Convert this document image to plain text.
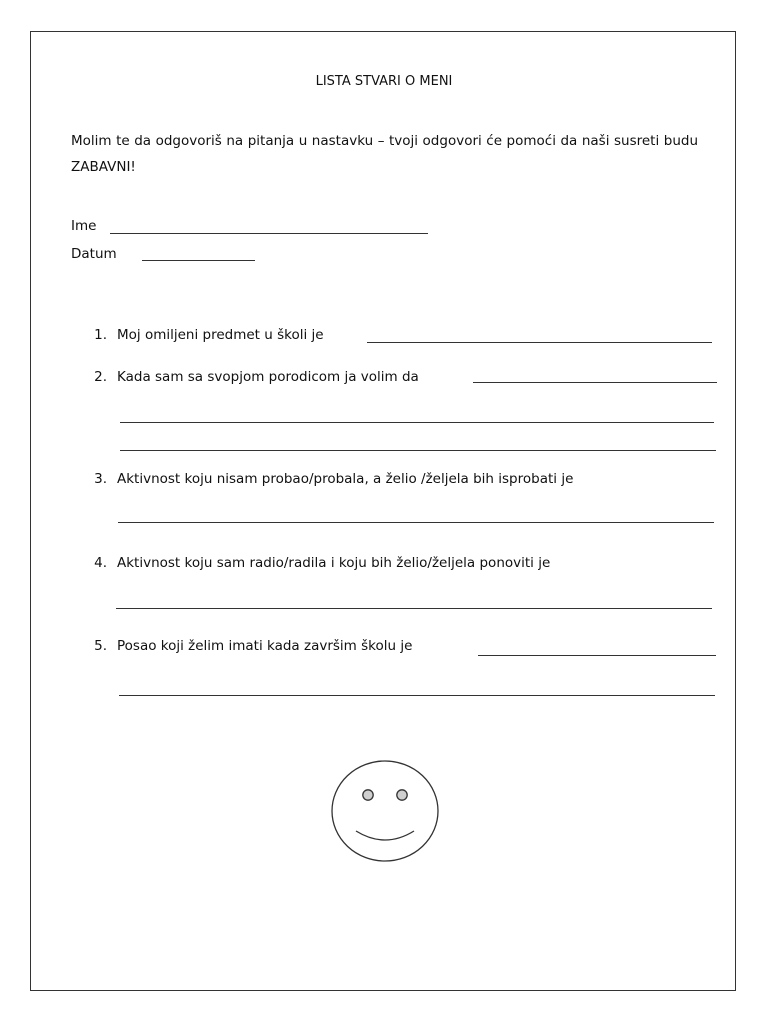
LISTA STVARI O MENI
Molim te da odgovoriš na pitanja u nastavku – tvoji odgovori će pomoći da naši susreti budu ZABAVNI!
Ime
Datum
1. Moj omiljeni predmet u školi je
2. Kada sam sa svopjom porodicom ja volim da
3. Aktivnost koju nisam probao/probala, a želio /željela bih isprobati je
4. Aktivnost koju sam radio/radila i koju bih želio/željela ponoviti je
5. Posao koji želim imati kada završim školu je
